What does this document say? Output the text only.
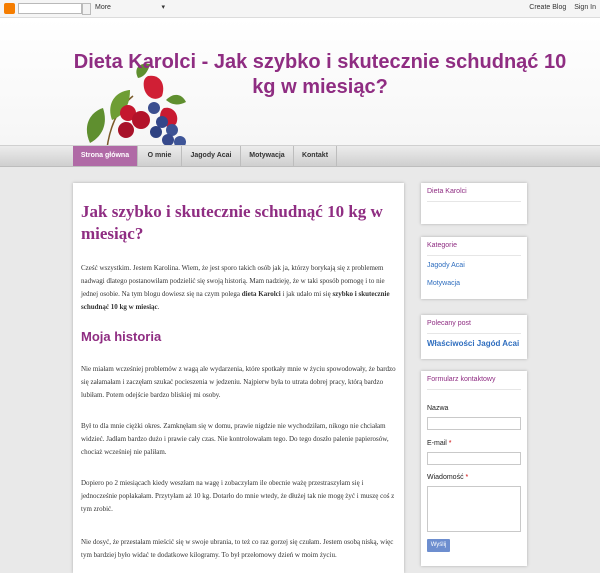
More	▾	Create Blog Sign In
Dieta Karolci - Jak szybko i skutecznie schudnąć 10 kg w miesiąc?
Strona główna	O mnie	Jagody Acai	Motywacja	Kontakt
Jak szybko i skutecznie schudnąć 10 kg w miesiąc?
Cześć wszystkim. Jestem Karolina. Wiem, że jest sporo takich osób jak ja, którzy borykają się z problemem nadwagi dlatego postanowiłam podzielić się swoją historią. Mam nadzieję, że w taki sposób pomogę i to nie jednej osobie. Na tym blogu dowiesz się na czym polega dieta Karolci i jak udało mi się szybko i skutecznie schudnąć 10 kg w miesiąc.
Moja historia
Nie miałam wcześniej problemów z wagą ale wydarzenia, które spotkały mnie w życiu spowodowały, że bardzo się załamałam i zaczęłam szukać pocieszenia w jedzeniu. Najpierw była to utrata dobrej pracy, którą bardzo lubiłam. Potem odejście bardzo bliskiej mi osoby.
Był to dla mnie ciężki okres. Zamknęłam się w domu, prawie nigdzie nie wychodziłam, nikogo nie chciałam widzieć. Jadłam bardzo dużo i prawie cały czas. Nie kontrolowałam tego. Do tego doszło palenie papierosów, chociaż wcześniej nie paliłam.
Dopiero po 2 miesiącach kiedy weszłam na wagę i zobaczyłam ile obecnie ważę przestraszyłam się i jednocześnie popłakałam. Przytyłam aż 10 kg. Dotarło do mnie wtedy, że dłużej tak nie mogę żyć i muszę coś z tym zrobić.
Nie dosyć, że przestałam mieścić się w swoje ubrania, to też co raz gorzej się czułam. Jestem osobą niską, więc tym bardziej było widać te dodatkowe kilogramy. To był przełomowy dzień w moim życiu.
Dieta Karolci
Kategorie
Jagody Acai
Motywacja
Polecany post
Właściwości Jagód Acai
Formularz kontaktowy
Nazwa
E-mail *
Wiadomość *
Wyślij
